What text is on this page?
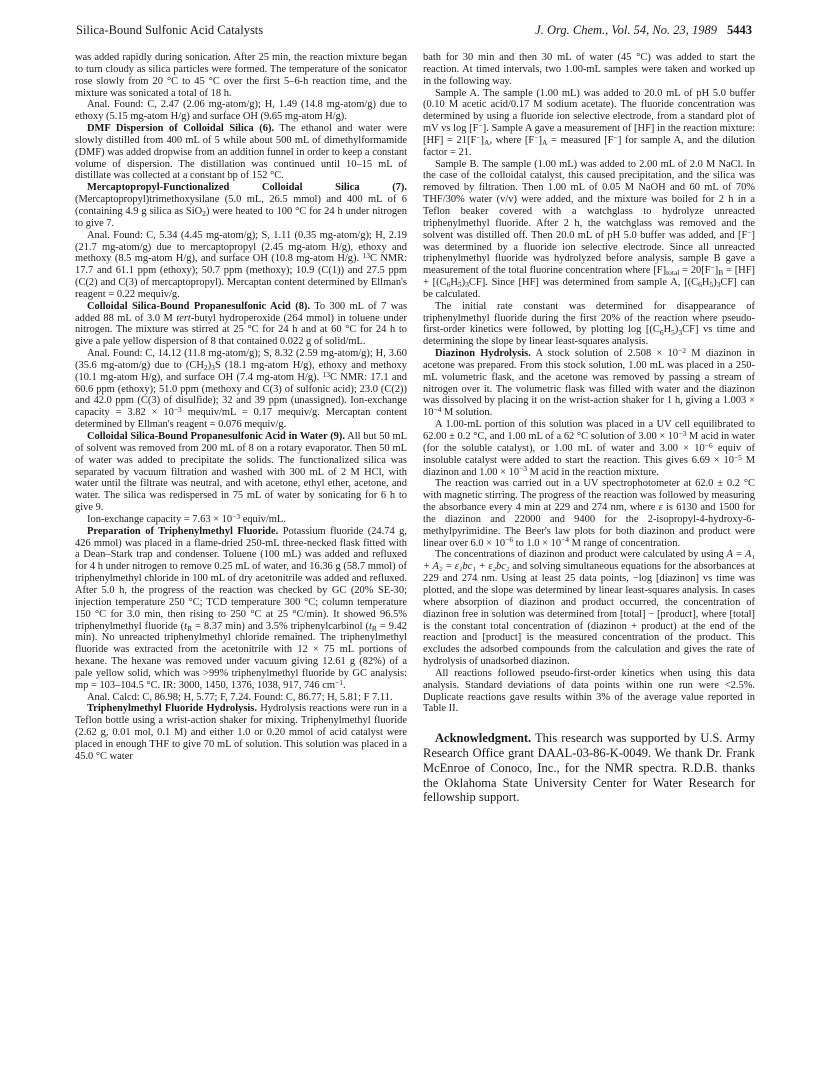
Silica-Bound Sulfonic Acid Catalysts	J. Org. Chem., Vol. 54, No. 23, 1989 5443

was added rapidly during sonication. After 25 min, the reaction mixture began to turn cloudy as silica particles were formed. The temperature of the sonicator rose slowly from 20 °C to 45 °C over the first 5–6-h reaction time, and the mixture was sonicated a total of 18 h.

Anal. Found: C, 2.47 (2.06 mg-atom/g); H, 1.49 (14.8 mg-atom/g) due to ethoxy (5.15 mg-atom H/g) and surface OH (9.65 mg-atom H/g).

DMF Dispersion of Colloidal Silica (6). The ethanol and water were slowly distilled from 400 mL of 5 while about 500 mL of dimethylformamide (DMF) was added dropwise from an addition funnel in order to keep a constant volume of dispersion. The distillation was continued until 10–15 mL of distillate was collected at a constant bp of 152 °C.

Mercaptopropyl-Functionalized Colloidal Silica (7). (Mercaptopropyl)trimethoxysilane (5.0 mL, 26.5 mmol) and 400 mL of 6 (containing 4.9 g silica as SiO$_2$) were heated to 100 °C for 24 h under nitrogen to give 7.

Anal. Found: C, 5.34 (4.45 mg-atom/g); S, 1.11 (0.35 mg-atom/g); H, 2.19 (21.7 mg-atom/g) due to mercaptopropyl (2.45 mg-atom H/g), ethoxy and methoxy (8.5 mg-atom H/g), and surface OH (10.8 mg-atom H/g). $^{13}$C NMR: 17.7 and 61.1 ppm (ethoxy); 50.7 ppm (methoxy); 10.9 (C(1)) and 27.5 ppm (C(2) and C(3) of mercaptopropyl). Mercaptan content determined by Ellman's reagent = 0.22 mequiv/g.

Colloidal Silica-Bound Propanesulfonic Acid (8). To 300 mL of 7 was added 88 mL of 3.0 M tert-butyl hydroperoxide (264 mmol) in toluene under nitrogen. The mixture was stirred at 25 °C for 24 h and at 60 °C for 24 h to give a pale yellow dispersion of 8 that contained 0.022 g of solid/mL.

Anal. Found: C, 14.12 (11.8 mg-atom/g); S, 8.32 (2.59 mg-atom/g); H, 3.60 (35.6 mg-atom/g) due to $(CH_2)_3S$ (18.1 mg-atom H/g), ethoxy and methoxy (10.1 mg-atom H/g), and surface OH (7.4 mg-atom H/g). $^{13}$C NMR: 17.1 and 60.6 ppm (ethoxy); 51.0 ppm (methoxy and C(3) of sulfonic acid); 23.0 (C(2)) and 42.0 ppm (C(3) of disulfide); 32 and 39 ppm (unassigned). Ion-exchange capacity = $3.82 \times 10^{-3}$ mequiv/mL = 0.17 mequiv/g. Mercaptan content determined by Ellman's reagent = 0.076 mequiv/g.

Colloidal Silica-Bound Propanesulfonic Acid in Water (9). All but 50 mL of solvent was removed from 200 mL of 8 on a rotary evaporator. Then 50 mL of water was added to precipitate the solids. The functionalized silica was separated by vacuum filtration and washed with 300 mL of 2 M HCl, with water until the filtrate was neutral, and with acetone, ethyl ether, acetone, and water. The silica was redispersed in 75 mL of water by sonicating for 6 h to give 9.

Ion-exchange capacity = $7.63 \times 10^{-3}$ equiv/mL.

Preparation of Triphenylmethyl Fluoride. Potassium fluoride (24.74 g, 426 mmol) was placed in a flame-dried 250-mL three-necked flask fitted with a Dean–Stark trap and condenser. Toluene (100 mL) was added and refluxed for 4 h under nitrogen to remove 0.25 mL of water, and 16.36 g (58.7 mmol) of triphenylmethyl chloride in 100 mL of dry acetonitrile was added and refluxed. After 5.0 h, the progress of the reaction was checked by GC (20% SE-30; injection temperature 250 °C; TCD temperature 300 °C; column temperature 150 °C for 3.0 min, then rising to 250 °C at 25 °C/min). It showed 96.5% triphenylmethyl fluoride ($t_R = 8.37$ min) and 3.5% triphenylcarbinol ($t_R = 9.42$ min). No unreacted triphenylmethyl chloride remained. The triphenylmethyl fluoride was extracted from the acetonitrile with 12 × 75 mL portions of hexane. The hexane was removed under vacuum giving 12.61 g (82%) of a pale yellow solid, which was >99% triphenylmethyl fluoride by GC analysis: mp = 103–104.5 °C. IR: 3000, 1450, 1376, 1038, 917, 746 $cm^{-1}$.

Anal. Calcd: C, 86.98; H, 5.77; F, 7.24. Found: C, 86.77; H, 5.81; F 7.11.

Triphenylmethyl Fluoride Hydrolysis. Hydrolysis reactions were run in a Teflon bottle using a wrist-action shaker for mixing. Triphenylmethyl fluoride (2.62 g, 0.01 mol, 0.1 M) and either 1.0 or 0.20 mmol of acid catalyst were placed in enough THF to give 70 mL of solution. This solution was placed in a 45.0 °C water

bath for 30 min and then 30 mL of water (45 °C) was added to start the reaction. At timed intervals, two 1.00-mL samples were taken and worked up in the following way.

Sample A. The sample (1.00 mL) was added to 20.0 mL of pH 5.0 buffer (0.10 M acetic acid/0.17 M sodium acetate). The fluoride concentration was determined by using a fluoride ion selective electrode, from a standard plot of mV vs log [F−]. Sample A gave a measurement of [HF] in the reaction mixture: $[HF] = 21[F^-]_A$, where $[F^-]_A$ = measured [F−] for sample A, and the dilution factor = 21.

Sample B. The sample (1.00 mL) was added to 2.00 mL of 2.0 M NaCl. In the case of the colloidal catalyst, this caused precipitation, and the silica was removed by filtration. Then 1.00 mL of 0.05 M NaOH and 60 mL of 70% THF/30% water (v/v) were added, and the mixture was boiled for 2 h in a Teflon beaker covered with a watchglass to hydrolyze unreacted triphenylmethyl fluoride. After 2 h, the watchglass was removed and the solvent was distilled off. Then 20.0 mL of pH 5.0 buffer was added, and [F−] was determined by a fluoride ion selective electrode. Since all unreacted triphenylmethyl fluoride was hydrolyzed before analysis, sample B gave a measurement of the total fluorine concentration where $[F]_{total} = 20[F^-]_B = [HF] + [(C_6H_5)_3CF]$. Since [HF] was determined from sample A, $[(C_6H_5)_3CF]$ can be calculated.

The initial rate constant was determined for disappearance of triphenylmethyl fluoride during the first 20% of the reaction where pseudo-first-order kinetics were followed, by plotting $\log [(C_6H_5)_3CF]$ vs time and determining the slope by linear least-squares analysis.

Diazinon Hydrolysis. A stock solution of $2.508 \times 10^{-2}$ M diazinon in acetone was prepared. From this stock solution, 1.00 mL was placed in a 250-mL volumetric flask, and the acetone was removed by passing a stream of nitrogen over it. The volumetric flask was filled with water and the diazinon was dissolved by placing it on the wrist-action shaker for 1 h, giving a $1.003 \times 10^{-4}$ M solution.

A 1.00-mL portion of this solution was placed in a UV cell equilibrated to 62.00 ± 0.2 °C, and 1.00 mL of a 62 °C solution of $3.00 \times 10^{-3}$ M acid in water (for the soluble catalyst), or 1.00 mL of water and $3.00 \times 10^{-6}$ equiv of insoluble catalyst were added to start the reaction. This gives $6.69 \times 10^{-5}$ M diazinon and $1.00 \times 10^{-3}$ M acid in the reaction mixture.

The reaction was carried out in a UV spectrophotometer at 62.0 ± 0.2 °C with magnetic stirring. The progress of the reaction was followed by measuring the absorbance every 4 min at 229 and 274 nm, where ε is 6130 and 1500 for the diazinon and 22000 and 9400 for the 2-isopropyl-4-hydroxy-6-methylpyrimidine. The Beer's law plots for both diazinon and product were linear over $6.0 \times 10^{-6}$ to $1.0 \times 10^{-4}$ M range of concentration.

The concentrations of diazinon and product were calculated by using A = A₁ + A₂ = ε₁bc₁ + ε₂bc₂ and solving simultaneous equations for the absorbances at 229 and 274 nm. Using at least 25 data points, −log [diazinon] vs time was plotted, and the slope was determined by linear least-squares analysis. In cases where absorption of diazinon and product occurred, the concentration of diazinon free in solution was determined from [total] − [product], where [total] is the constant total concentration of (diazinon + product) at the end of the reaction and [product] is the measured concentration of the product. This excludes the adsorbed compounds from the calculation and gives the rate of hydrolysis of unadsorbed diazinon.

All reactions followed pseudo-first-order kinetics when using this data analysis. Standard deviations of data points within one run were <2.5%. Duplicate reactions gave results within 3% of the average value reported in Table II.

Acknowledgment. This research was supported by U.S. Army Research Office grant DAAL-03-86-K-0049. We thank Dr. Frank McEnroe of Conoco, Inc., for the NMR spectra. R.D.B. thanks the Oklahoma State University Center for Water Research for fellowship support.
